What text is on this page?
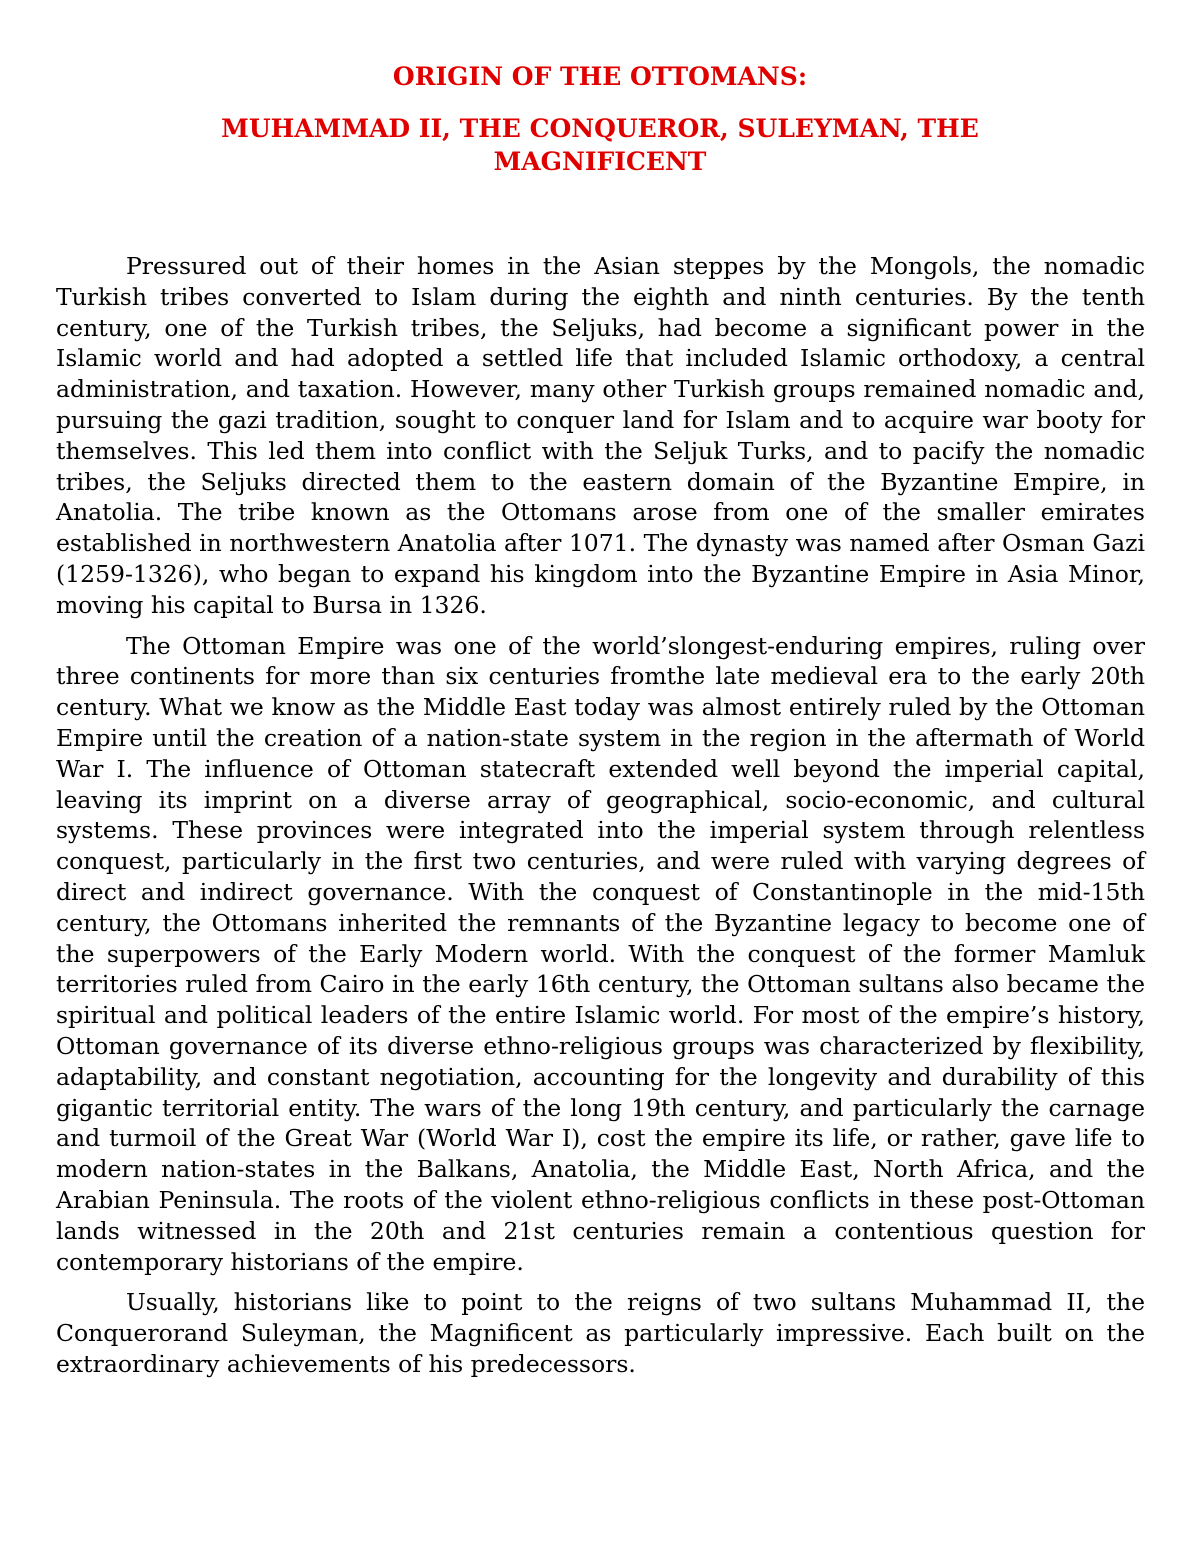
ORIGIN OF THE OTTOMANS:
MUHAMMAD II, THE CONQUEROR, SULEYMAN, THE MAGNIFICENT

Pressured out of their homes in the Asian steppes by the Mongols, the nomadic Turkish tribes converted to Islam during the eighth and ninth centuries. By the tenth century, one of the Turkish tribes, the Seljuks, had become a significant power in the Islamic world and had adopted a settled life that included Islamic orthodoxy, a central administration, and taxation. However, many other Turkish groups remained nomadic and, pursuing the gazi tradition, sought to conquer land for Islam and to acquire war booty for themselves. This led them into conflict with the Seljuk Turks, and to pacify the nomadic tribes, the Seljuks directed them to the eastern domain of the Byzantine Empire, in Anatolia. The tribe known as the Ottomans arose from one of the smaller emirates established in northwestern Anatolia after 1071. The dynasty was named after Osman Gazi (1259-1326), who began to expand his kingdom into the Byzantine Empire in Asia Minor, moving his capital to Bursa in 1326.

The Ottoman Empire was one of the world’slongest-enduring empires, ruling over three continents for more than six centuries fromthe late medieval era to the early 20th century. What we know as the Middle East today was almost entirely ruled by the Ottoman Empire until the creation of a nation-state system in the region in the aftermath of World War I. The influence of Ottoman statecraft extended well beyond the imperial capital, leaving its imprint on a diverse array of geographical, socio-economic, and cultural systems. These provinces were integrated into the imperial system through relentless conquest, particularly in the first two centuries, and were ruled with varying degrees of direct and indirect governance. With the conquest of Constantinople in the mid-15th century, the Ottomans inherited the remnants of the Byzantine legacy to become one of the superpowers of the Early Modern world. With the conquest of the former Mamluk territories ruled from Cairo in the early 16th century, the Ottoman sultans also became the spiritual and political leaders of the entire Islamic world. For most of the empire’s history, Ottoman governance of its diverse ethno-religious groups was characterized by flexibility, adaptability, and constant negotiation, accounting for the longevity and durability of this gigantic territorial entity. The wars of the long 19th century, and particularly the carnage and turmoil of the Great War (World War I), cost the empire its life, or rather, gave life to modern nation-states in the Balkans, Anatolia, the Middle East, North Africa, and the Arabian Peninsula. The roots of the violent ethno-religious conflicts in these post-Ottoman lands witnessed in the 20th and 21st centuries remain a contentious question for contemporary historians of the empire.

Usually, historians like to point to the reigns of two sultans Muhammad II, the Conquerorand Suleyman, the Magnificent as particularly impressive. Each built on the extraordinary achievements of his predecessors.
